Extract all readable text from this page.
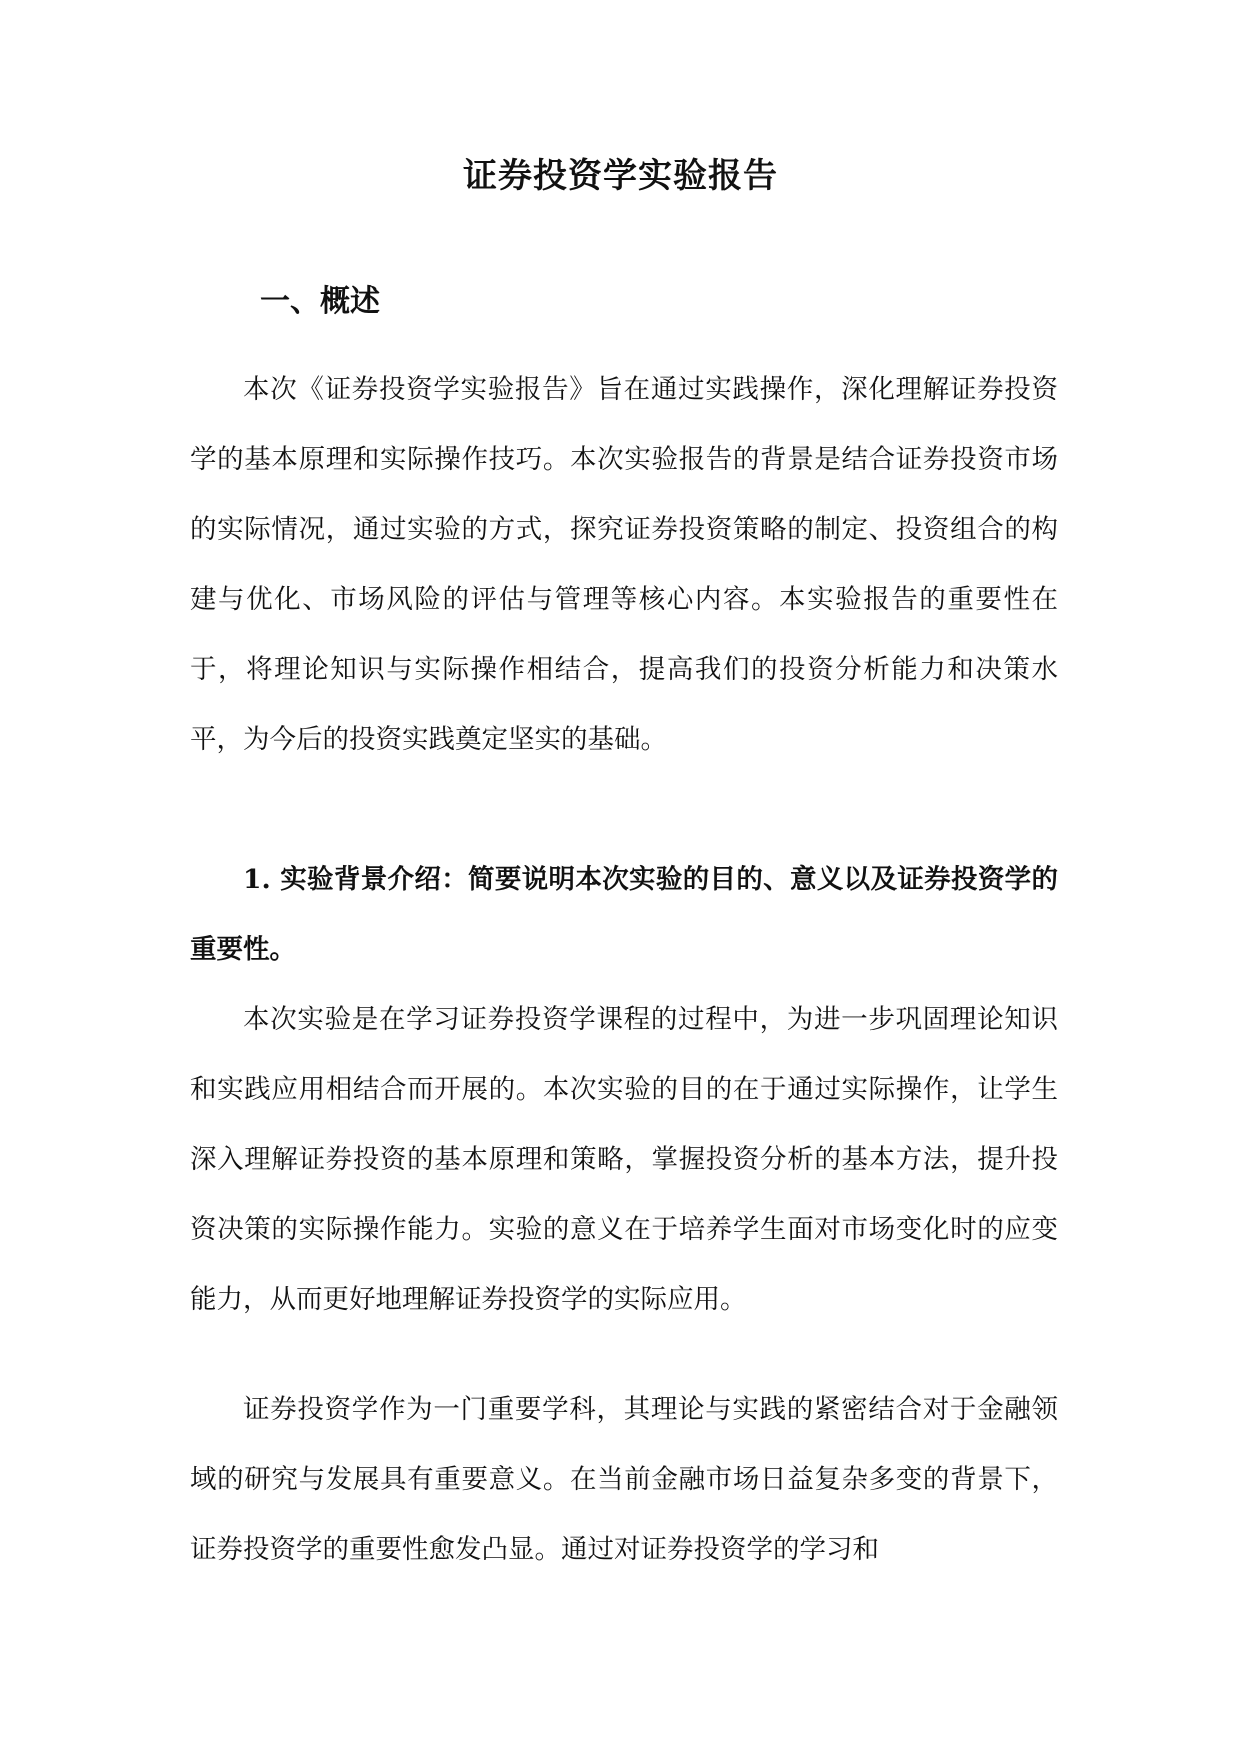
证券投资学实验报告
一、概述

本次《证券投资学实验报告》旨在通过实践操作，深化理解证券投资学的基本原理和实际操作技巧。本次实验报告的背景是结合证券投资市场的实际情况，通过实验的方式，探究证券投资策略的制定、投资组合的构建与优化、市场风险的评估与管理等核心内容。本实验报告的重要性在于，将理论知识与实际操作相结合，提高我们的投资分析能力和决策水平，为今后的投资实践奠定坚实的基础。

1. 实验背景介绍：简要说明本次实验的目的、意义以及证券投资学的重要性。

本次实验是在学习证券投资学课程的过程中，为进一步巩固理论知识和实践应用相结合而开展的。本次实验的目的在于通过实际操作，让学生深入理解证券投资的基本原理和策略，掌握投资分析的基本方法，提升投资决策的实际操作能力。实验的意义在于培养学生面对市场变化时的应变能力，从而更好地理解证券投资学的实际应用。

证券投资学作为一门重要学科，其理论与实践的紧密结合对于金融领域的研究与发展具有重要意义。在当前金融市场日益复杂多变的背景下，证券投资学的重要性愈发凸显。通过对证券投资学的学习和
